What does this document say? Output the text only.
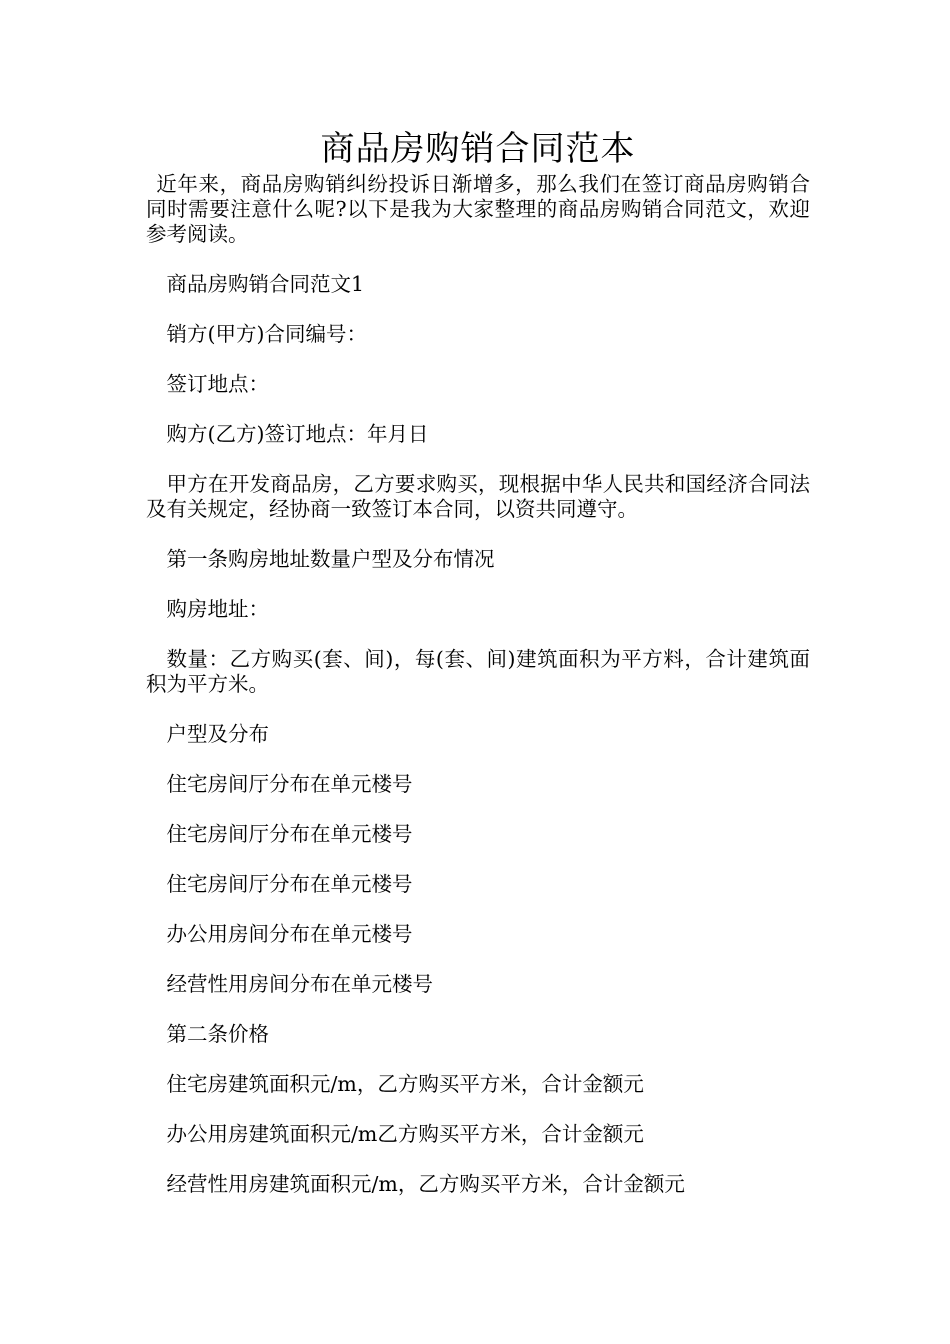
商品房购销合同范本

近年来，商品房购销纠纷投诉日渐增多，那么我们在签订商品房购销合同时需要注意什么呢?以下是我为大家整理的商品房购销合同范文，欢迎参考阅读。

商品房购销合同范文1

销方(甲方)合同编号：

签订地点：

购方(乙方)签订地点：年月日

甲方在开发商品房，乙方要求购买，现根据中华人民共和国经济合同法及有关规定，经协商一致签订本合同，以资共同遵守。

第一条购房地址数量户型及分布情况

购房地址：

数量：乙方购买(套、间)，每(套、间)建筑面积为平方料，合计建筑面积为平方米。

户型及分布

住宅房间厅分布在单元楼号

住宅房间厅分布在单元楼号

住宅房间厅分布在单元楼号

办公用房间分布在单元楼号

经营性用房间分布在单元楼号

第二条价格

住宅房建筑面积元/m，乙方购买平方米，合计金额元

办公用房建筑面积元/m乙方购买平方米，合计金额元

经营性用房建筑面积元/m，乙方购买平方米，合计金额元
